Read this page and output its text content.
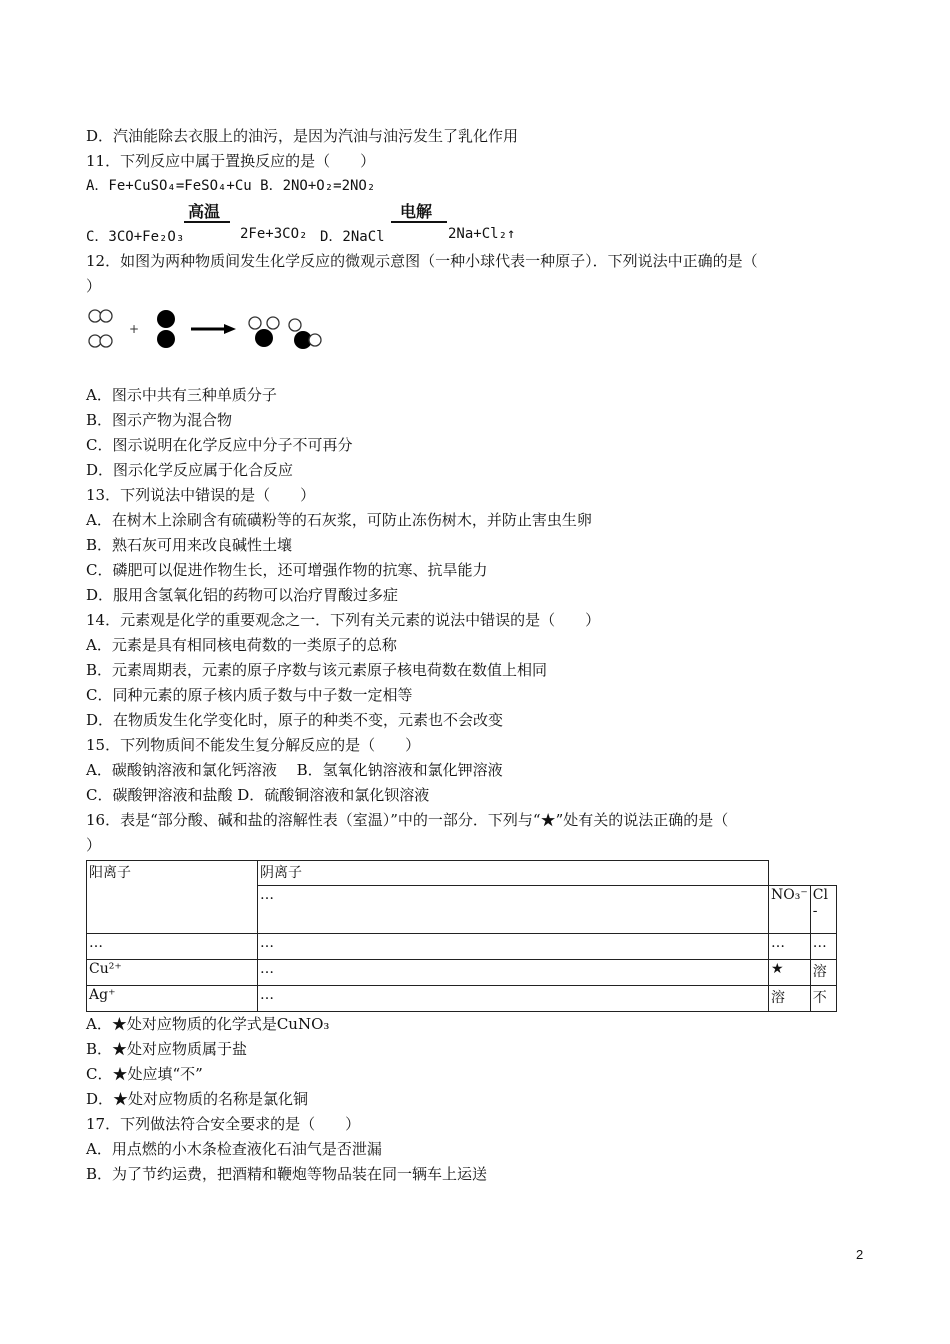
D．汽油能除去衣服上的油污，是因为汽油与油污发生了乳化作用
11．下列反应中属于置换反应的是（　　）
A．Fe+CuSO₄=FeSO₄+Cu B．2NO+O₂=2NO₂
高温
C．3CO+Fe₂O₃	2Fe+3CO₂
电解
D．2NaCl	2Na+Cl₂↑
12．如图为两种物质间发生化学反应的微观示意图（一种小球代表一种原子）．下列说法中正确的是（
）
+
A．图示中共有三种单质分子
B．图示产物为混合物
C．图示说明在化学反应中分子不可再分
D．图示化学反应属于化合反应
13．下列说法中错误的是（　　）
A．在树木上涂刷含有硫磺粉等的石灰浆，可防止冻伤树木，并防止害虫生卵
B．熟石灰可用来改良碱性土壤
C．磷肥可以促进作物生长，还可增强作物的抗寒、抗旱能力
D．服用含氢氧化铝的药物可以治疗胃酸过多症
14．元素观是化学的重要观念之一．下列有关元素的说法中错误的是（　　）
A．元素是具有相同核电荷数的一类原子的总称
B．元素周期表，元素的原子序数与该元素原子核电荷数在数值上相同
C．同种元素的原子核内质子数与中子数一定相等
D．在物质发生化学变化时，原子的种类不变，元素也不会改变
15．下列物质间不能发生复分解反应的是（　　）
A．碳酸钠溶液和氯化钙溶液　 B．氢氧化钠溶液和氯化钾溶液
C．碳酸钾溶液和盐酸 D．硫酸铜溶液和氯化钡溶液
16．表是“部分酸、碱和盐的溶解性表（室温）”中的一部分．下列与“★”处有关的说法正确的是（
）
阳离子	阴离子		
	…	NO₃⁻	Cl
-

…	…	…	…
Cu²⁺	…	★	溶
Ag⁺	…	溶	不
A．★处对应物质的化学式是CuNO₃
B．★处对应物质属于盐
C．★处应填“不”
D．★处对应物质的名称是氯化铜
17．下列做法符合安全要求的是（　　）
A．用点燃的小木条检查液化石油气是否泄漏
B．为了节约运费，把酒精和鞭炮等物品装在同一辆车上运送
2
